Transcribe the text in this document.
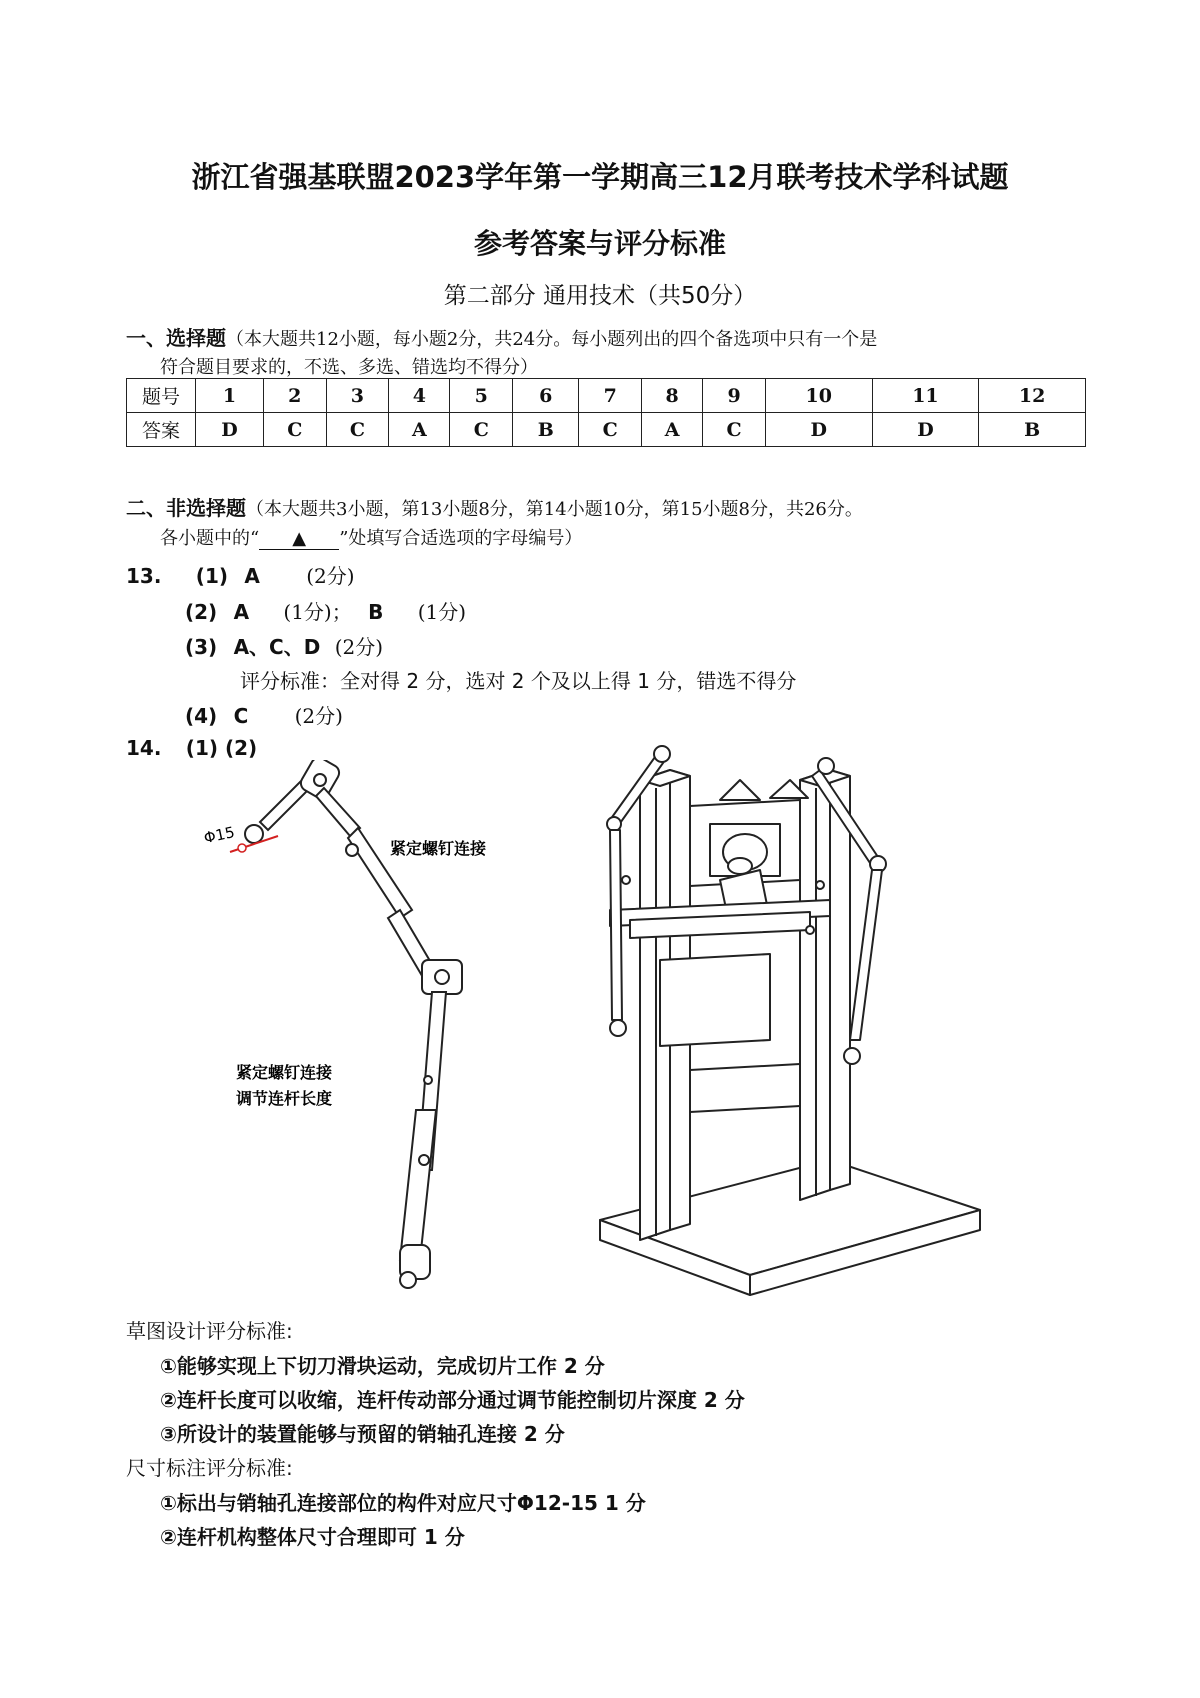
浙江省强基联盟2023学年第一学期高三12月联考技术学科试题
参考答案与评分标准
第二部分 通用技术（共50分）
一、选择题（本大题共12小题，每小题2分，共24分。每小题列出的四个备选项中只有一个是
符合题目要求的，不选、多选、错选均不得分）
题号	1	2	3	4	5	6	7	8	9	10	11	12
答案	D	C	C	A	C	B	C	A	C	D	D	B
二、非选择题（本大题共3小题，第13小题8分，第14小题10分，第15小题8分，共26分。
各小题中的“ ▲ ”处填写合适选项的字母编号）
13. (1) A (2分)
(2) A (1分)； B (1分)
(3) A、C、D (2分)
评分标准：全对得 2 分，选对 2 个及以上得 1 分，错选不得分
(4) C (2分)
14. (1) (2)
Φ15
紧定螺钉连接
紧定螺钉连接
调节连杆长度
草图设计评分标准:
①能够实现上下切刀滑块运动，完成切片工作 2 分
②连杆长度可以收缩，连杆传动部分通过调节能控制切片深度 2 分
③所设计的装置能够与预留的销轴孔连接 2 分
尺寸标注评分标准:
①标出与销轴孔连接部位的构件对应尺寸Φ12-15 1 分
②连杆机构整体尺寸合理即可 1 分
